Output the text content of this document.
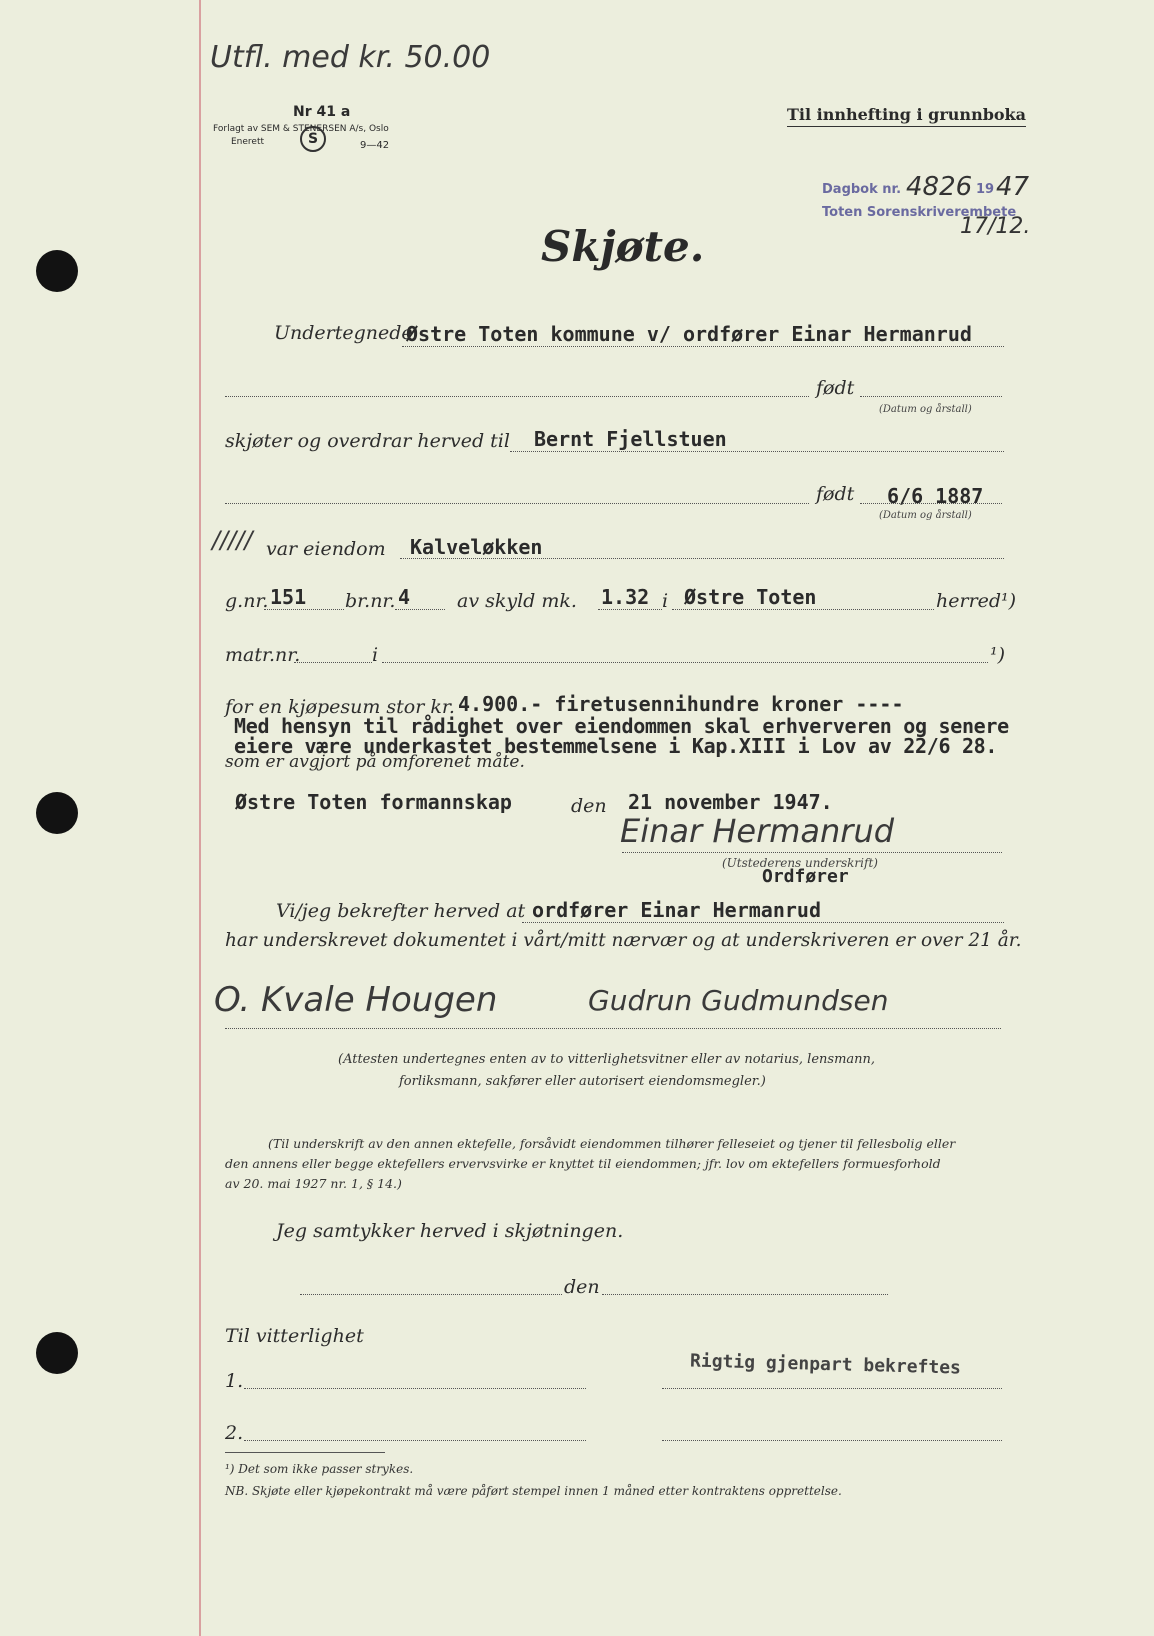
Utfl. med kr. 50.00
Nr 41 a
Forlagt av SEM & STENERSEN A/s, Oslo
Enerett	S	9—42
Til innhefting i grunnboka
Dagbok nr. 4826 19 47
Toten Sorenskriverembete
17/12.
Skjøte.
Undertegnede
Østre Toten kommune v/ ordfører Einar Hermanrud
født
(Datum og årstall)
skjøter og overdrar herved til Bernt Fjellstuen
født 6/6 1887
(Datum og årstall)
///// var eiendom Kalveløkken
g.nr. 151 br.nr. 4 av skyld mk. 1.32 i Østre Toten	herred¹)
matr.nr.	i	¹)
for en kjøpesum stor kr. 4.900.- firetusennihundre kroner ----
Med hensyn til rådighet over eiendommen skal erhververen og senere
eiere være underkastet bestemmelsene i Kap.XIII i Lov av 22/6 28.
som er avgjort på omforenet måte.
Østre Toten formannskap	den 21 november 1947.
Einar Hermanrud
(Utstederens underskrift)
Ordfører
Vi/jeg bekrefter herved at ordfører Einar Hermanrud
har underskrevet dokumentet i vårt/mitt nærvær og at underskriveren er over 21 år.
O. Kvale Hougen	Gudrun Gudmundsen
(Attesten undertegnes enten av to vitterlighetsvitner eller av notarius, lensmann,
forliksmann, sakfører eller autorisert eiendomsmegler.)
(Til underskrift av den annen ektefelle, forsåvidt eiendommen tilhører felleseiet og tjener til fellesbolig eller
den annens eller begge ektefellers ervervsvirke er knyttet til eiendommen; jfr. lov om ektefellers formuesforhold
av 20. mai 1927 nr. 1, § 14.)
Jeg samtykker herved i skjøtningen.
den
Til vitterlighet
1.
Rigtig gjenpart bekreftes
2.
¹) Det som ikke passer strykes.
NB. Skjøte eller kjøpekontrakt må være påført stempel innen 1 måned etter kontraktens opprettelse.
